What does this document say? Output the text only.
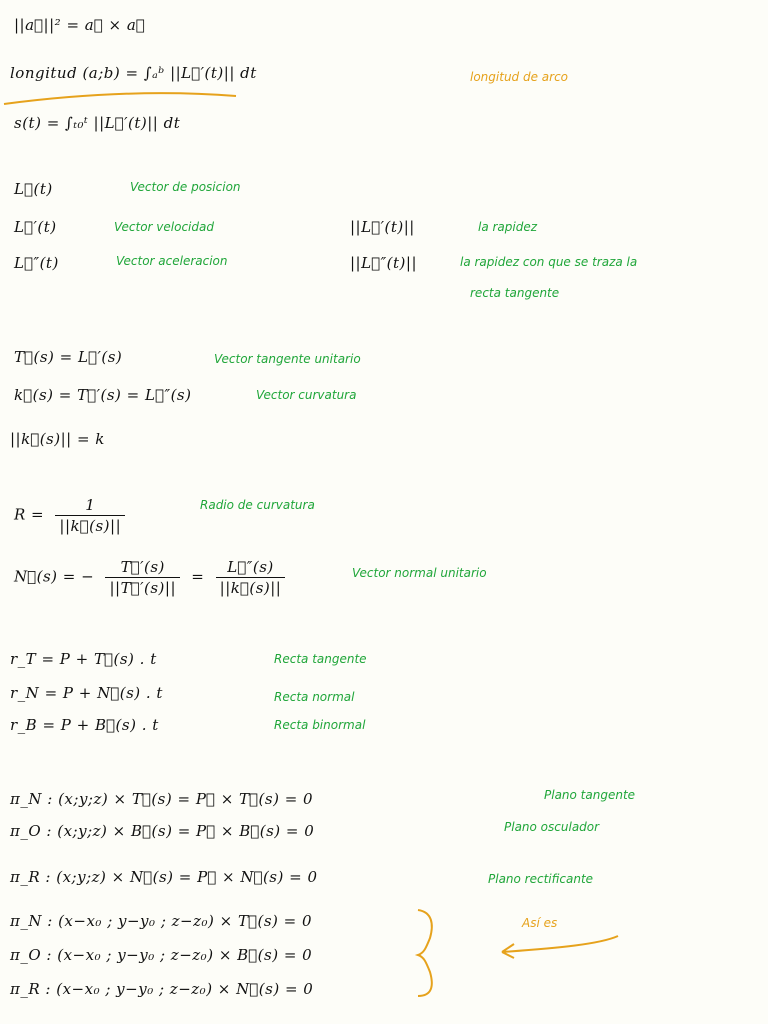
||a⃗||² = a⃗ × a⃗
longitud (a;b) = ∫ₐᵇ ||L⃗′(t)|| dt	longitud de arco
s(t) = ∫ₜ₀ᵗ ||L⃗′(t)|| dt
L⃗(t)	Vector de posicion
L⃗′(t)	Vector velocidad	||L⃗′(t)||	la rapidez
L⃗″(t)	Vector aceleracion	||L⃗″(t)||	la rapidez con que se traza la
recta tangente
T⃗(s) = L⃗′(s)	Vector tangente unitario
k⃗(s) = T⃗′(s) = L⃗″(s)	Vector curvatura
||k⃗(s)|| = k
$R = \frac{1}{||k⃗(s)||}$	Radio de curvatura
N⃗(s) = − $\frac{T⃗'(s)}{||T⃗'(s)||} = \frac{L⃗''(s)}{||k⃗(s)||}$	Vector normal unitario
r_T = P + T⃗(s) . t	Recta tangente
r_N = P + N⃗(s) . t	Recta normal
r_B = P + B⃗(s) . t	Recta binormal
π_N : (x;y;z) × T⃗(s) = P⃗ × T⃗(s) = 0	Plano tangente
π_O : (x;y;z) × B⃗(s) = P⃗ × B⃗(s) = 0	Plano osculador
π_R : (x;y;z) × N⃗(s) = P⃗ × N⃗(s) = 0	Plano rectificante
π_N : (x−x₀ ; y−y₀ ; z−z₀) × T⃗(s) = 0	Así es
π_O : (x−x₀ ; y−y₀ ; z−z₀) × B⃗(s) = 0
π_R : (x−x₀ ; y−y₀ ; z−z₀) × N⃗(s) = 0
